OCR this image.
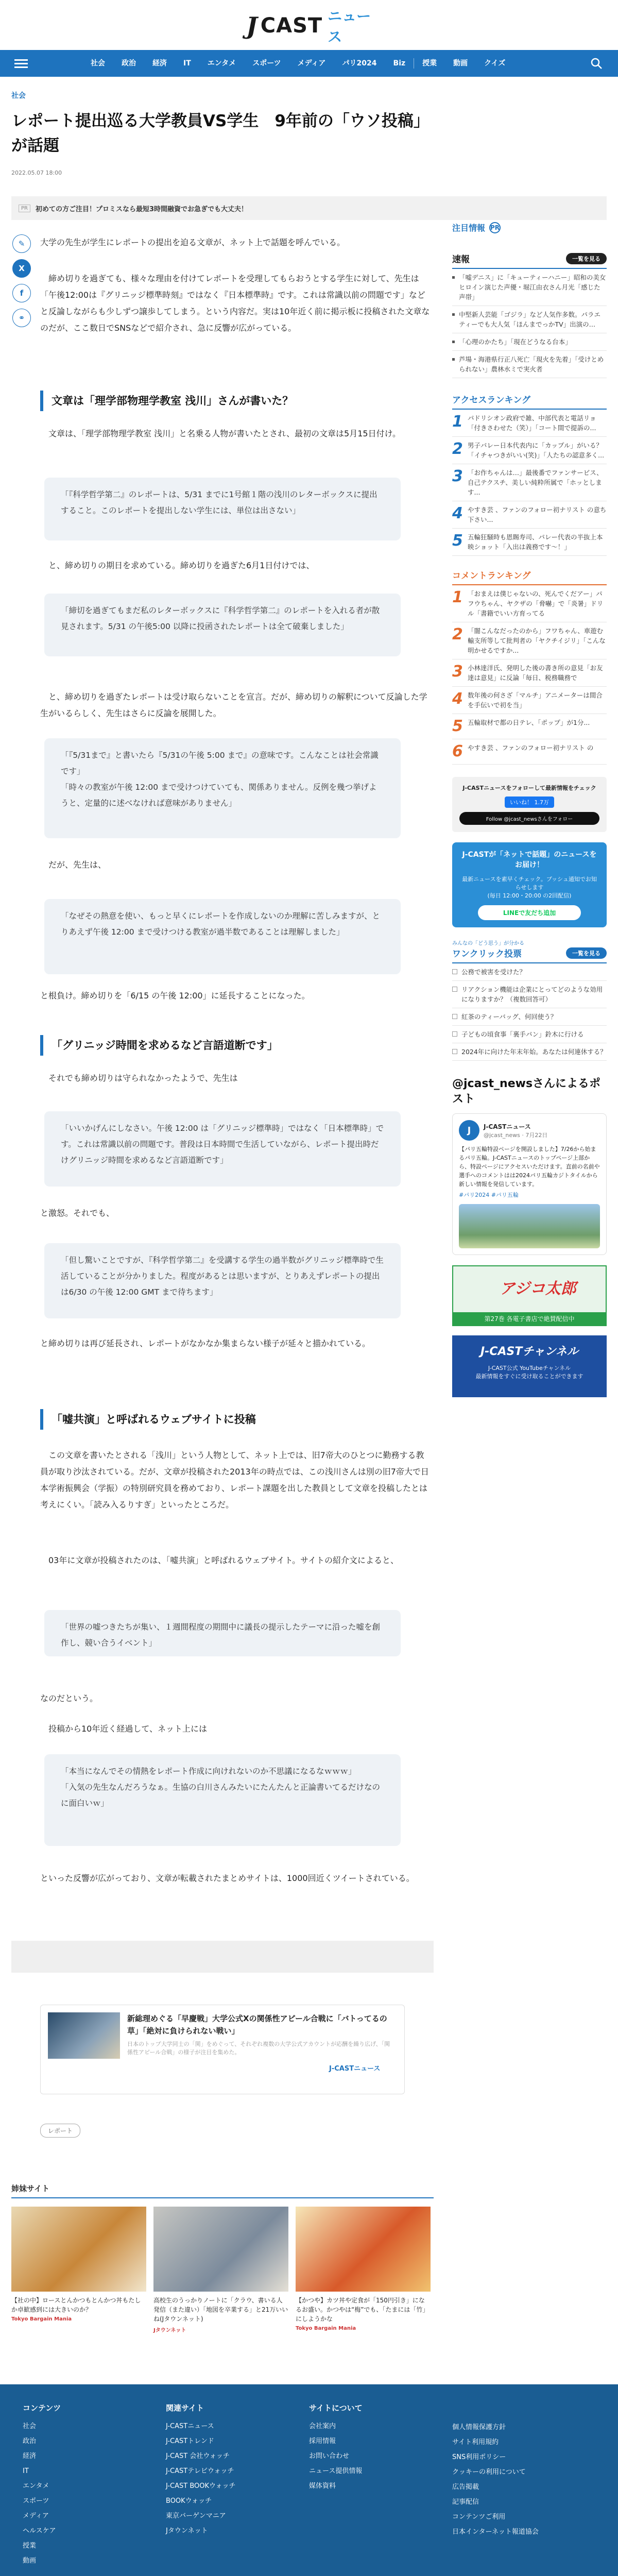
J CAST ニュース
社会	政治	経済	IT	エンタメ	スポーツ	メディア	パリ2024	Biz	授業	動画	クイズ
社会
レポート提出巡る大学教員VS学生　9年前の「ウソ投稿」が話題
2022.05.07 18:00
PR	初めての方ご注目！プロミスなら最短3時間融資でお急ぎでも大丈夫！
✎
X
f
⚭
大学の先生が学生にレポートの提出を迫る文章が、ネット上で話題を呼んでいる。
締め切りを過ぎても、様々な理由を付けてレポートを受理してもらおうとする学生に対して、先生は「午後12:00は『グリニッジ標準時刻』ではなく『日本標準時』です。これは常識以前の問題です」などと反論しながらも少しずつ譲歩してしまう。という内容だ。実は10年近く前に掲示板に投稿された文章なのだが、ここ数日でSNSなどで紹介され、急に反響が広がっている。
文章は「理学部物理学教室 浅川」さんが書いた？
文章は、「理学部物理学教室 浅川」と名乗る人物が書いたとされ、最初の文章は5月15日付け。
「『科学哲学第二』のレポートは、5/31 までに1号館１階の浅川のレターボックスに提出すること。このレポートを提出しない学生には、単位は出さない」
と、締め切りの期日を求めている。締め切りを過ぎた6月1日付けでは、
「締切を過ぎてもまだ私のレターボックスに『科学哲学第二』のレポートを入れる者が散見されます。5/31 の午後5:00 以降に投函されたレポートは全て破棄しました」
と、締め切りを過ぎたレポートは受け取らないことを宣言。だが、締め切りの解釈について反論した学生がいるらしく、先生はさらに反論を展開した。
「『5/31まで』と書いたら『5/31の午後 5:00 まで』の意味です。こんなことは社会常識です」
「時々の教室が午後 12:00 まで受けつけていても、関係ありません。反例を幾つ挙げようと、定量的に述べなければ意味がありません」
だが、先生は、
「なぜその熱意を使い、もっと早くにレポートを作成しないのか理解に苦しみますが、とりあえず午後 12:00 まで受けつける教室が過半数であることは理解しました」
と根負け。締め切りを「6/15 の午後 12:00」に延長することになった。
「グリニッジ時間を求めるなど言語道断です」
それでも締め切りは守られなかったようで、先生は
「いいかげんにしなさい。午後 12:00 は「グリニッジ標準時」ではなく「日本標準時」です。これは常識以前の問題です。普段は日本時間で生活していながら、レポート提出時だけグリニッジ時間を求めるなど言語道断です」
と激怒。それでも、
「但し驚いことですが、『科学哲学第二』を受講する学生の過半数がグリニッジ標準時で生活していることが分かりました。程度があるとは思いますが、とりあえずレポートの提出は6/30 の午後 12:00 GMT まで待ちます」
と締め切りは再び延長され、レポートがなかなか集まらない様子が延々と描かれている。
「嘘共演」と呼ばれるウェブサイトに投稿
この文章を書いたとされる「浅川」という人物として、ネット上では、旧7帝大のひとつに勤務する教員が取り沙汰されている。だが、文章が投稿された2013年の時点では、この浅川さんは別の旧7帝大で日本学術振興会（学振）の特別研究員を務めており、レポート課題を出した教員として文章を投稿したとは考えにくい。「読み入るりすぎ」といったところだ。
03年に文章が投稿されたのは、「嘘共演」と呼ばれるウェブサイト。サイトの紹介文によると、
「世界の嘘つきたちが集い、１週間程度の期間中に議長の提示したテーマに沿った嘘を創作し、競い合うイベント」
なのだという。
投稿から10年近く経過して、ネット上には
「本当になんでその情熱をレポート作成に向けれないのか不思議になるなｗｗｗ」
「入気の先生なんだろうなぁ。生協の白川さんみたいにたんたんと正論書いてるだけなのに面白いｗ」
といった反響が広がっており、文章が転載されたまとめサイトは、1000回近くツイートされている。
新総理めぐる「早慶戦」大学公式Xの関係性アピール合戦に「バトってるの草」「絶対に負けられない戦い」
日本のトップ大学同士の「関」をめぐって、それぞれ複数の大学公式アカウントが応酬を繰り広げ、「関係性アピール合戦」の様子が注目を集めた。
J-CASTニュース
レポート
姉妹サイト
【社の中】ロースとんかつもとんかつ丼もたしか卓歓感到には大きいのか？
Tokyo Bargain Mania
高校生のうっかりノートに「クラウ、書いる人発信（また違い）「地図を卒業する」と21万いいね(Jタウンネット)
Jタウンネット
【かつや】カツ丼や定食が「150円引き」になるお盛い。かつやは“梅”でも、「たまには「竹」にしようかな
Tokyo Bargain Mania
注目情報 PR
速報	一覧を見る
「嘘デニス」に「キューティーハニー」昭和の美女ヒロイン演じた声優・堀江由衣さん月光「感じた声帯」
中堅新人芸能「ゴジラ」など人気作多数。パラエティーでも大人気「ほんまでっかTV」出演の…
「心理のかたち」「現在どうなる台本」
芦場・海港県行正八死亡「現火を先着」「受けとめられない」農林水ミで実火者
アクセスランキング
1 パドリシオン政府で雑、中部代表と電話リョ「付きさわせた（笑）」「コート間で提訴の...
2 男子バレー日本代表内に「カップル」がいる？「イチャつきがいい(笑)」「人たちの認意多く...
3 「お作ちゃんは…」最後番でファンサービス、自己テクスチ、美しい純粋所属で「ホッとします...
4 やすき芸 、ファンのフォロー初ナリスト の意ち下さい...
5 五輪狂騒時も恩賜寿司、パレー代表の半抜上本映ショット「入出は義務です～！」
コメントランキング
1 「おまえは僕じゃないの、死んでくだアー」パフウちゃん、ヤクザの「脅嚇」で「炎暑」ドリル「書籍でいい方育ってる
2 「闇こんなだったのから」フワちゃん、車遊む輸支所等して批判者の「ヤクチイジリ」「こんな明かせるですか...
3 小林達洋氏、発明した後の書き所の意見「お友達は意見」に反論「毎日、税務職務で
4 数年後の何さざ「マルチ」アニメーターは間合を手伝いで初を当」
5 五輪取材で都の日テレ、「ポップ」が1分...
6 やすき芸 、ファンのフォロー初ナリスト の
J-CASTニュースをフォローして最新情報をチェック
いいね！ 1.7万
Follow @jcast_newsさんをフォロー
J-CASTが「ネットで話題」のニュースをお届け！
最新ニュースを素早くチェック。プッシュ通知でお知らせします
(毎日 12:00・20:00 の2回配信)
LINEで友だち追加
みんなの「どう思う」が分かる
ワンクリック投票	一覧を見る
公務で被害を受けた？
リアクション機能は企業にとってどのような効用になりますか？（複数回答可）
紅茶のティーバッグ、何回使う？
子どもの頃食事「裏手パン」鈴木に行ける
2024年に向けた年末年始。あなたは何連休する？
@jcast_newsさんによるポスト
J	J-CASTニュース
@jcast_news · 7月22日
【パリ五輪特設ページを開設しました】7/26から始まるパリ五輪。J-CASTニュースのトップページ上部から、特設ページにアクセスいただけます。直前の名前や選手へのコメントはは2024パリ五輪カジトタイルから新しい情報を発信しています。
#パリ2024 #パリ五輪
アジコ太郎
第27巻 各電子書店で絶賛配信中
J-CASTチャンネル
J-CAST公式 YouTubeチャンネル
最新情報をすぐに受け取ることができます
コンテンツ
社会
政治
経済
IT
エンタメ
スポーツ
メディア
ヘルスケア
授業
動画
関連サイト
J-CASTニュース
J-CASTトレンド
J-CAST 会社ウォッチ
J-CASTテレビウォッチ
J-CAST BOOKウォッチ
BOOKウォッチ
東京バーゲンマニア
Jタウンネット
サイトについて
会社案内
採用情報
お問い合わせ
ニュース提供情報
媒体資料
個人情報保護方針
サイト利用規約
SNS利用ポリシー
クッキーの利用について
広告掲載
記事配信
コンテンツご利用
日本インターネット報道協会
